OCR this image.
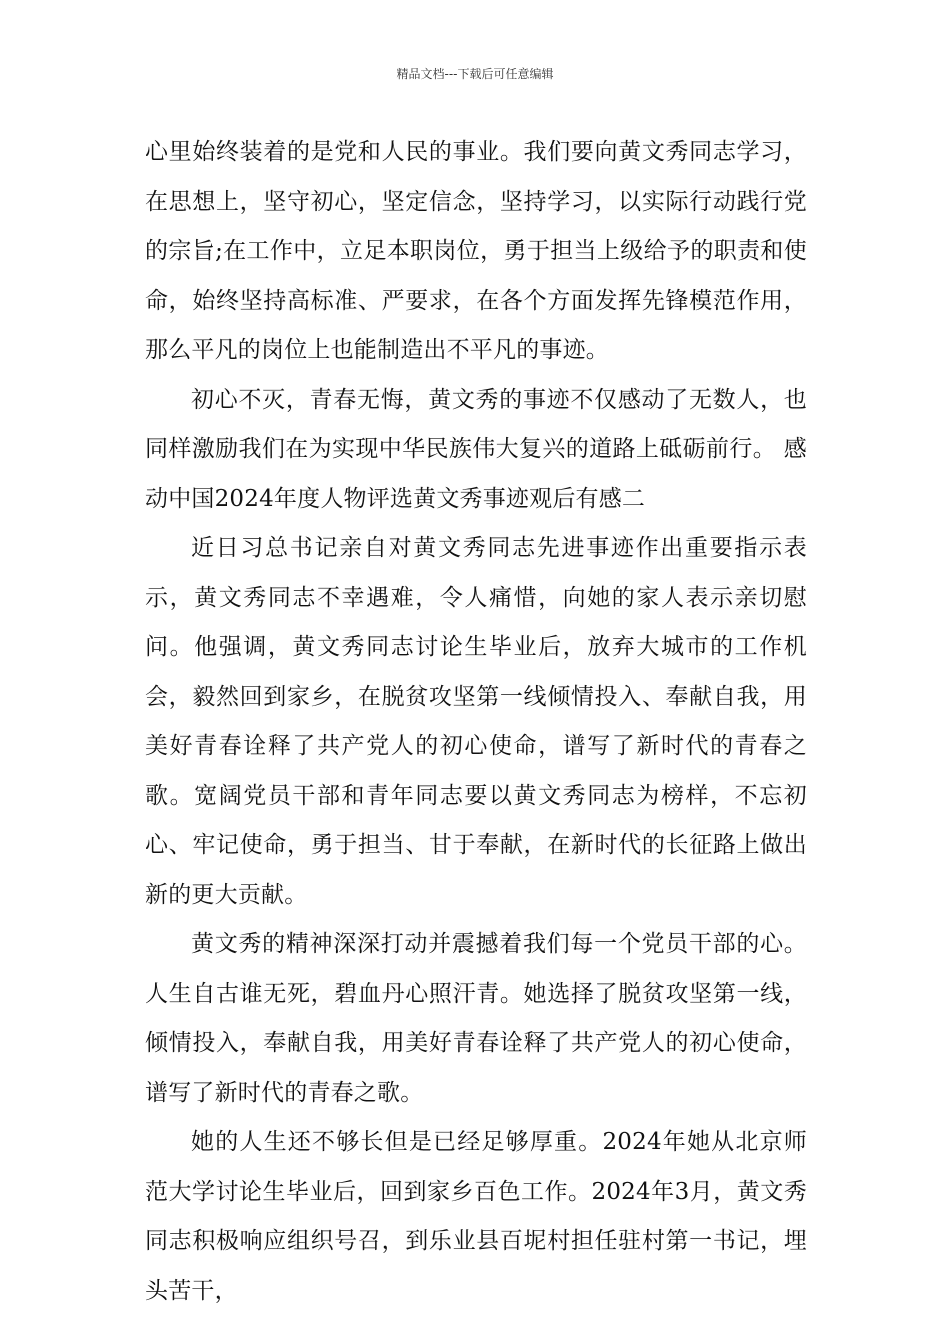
精品文档---下载后可任意编辑

心里始终装着的是党和人民的事业。我们要向黄文秀同志学习，在思想上，坚守初心，坚定信念，坚持学习，以实际行动践行党的宗旨;在工作中，立足本职岗位，勇于担当上级给予的职责和使命，始终坚持高标准、严要求，在各个方面发挥先锋模范作用，那么平凡的岗位上也能制造出不平凡的事迹。

初心不灭，青春无悔，黄文秀的事迹不仅感动了无数人，也同样激励我们在为实现中华民族伟大复兴的道路上砥砺前行。 感动中国2024年度人物评选黄文秀事迹观后有感二

近日习总书记亲自对黄文秀同志先进事迹作出重要指示表示，黄文秀同志不幸遇难，令人痛惜，向她的家人表示亲切慰问。他强调，黄文秀同志讨论生毕业后，放弃大城市的工作机会，毅然回到家乡，在脱贫攻坚第一线倾情投入、奉献自我，用美好青春诠释了共产党人的初心使命，谱写了新时代的青春之歌。宽阔党员干部和青年同志要以黄文秀同志为榜样，不忘初心、牢记使命，勇于担当、甘于奉献，在新时代的长征路上做出新的更大贡献。

黄文秀的精神深深打动并震撼着我们每一个党员干部的心。人生自古谁无死，碧血丹心照汗青。她选择了脱贫攻坚第一线，倾情投入，奉献自我，用美好青春诠释了共产党人的初心使命，谱写了新时代的青春之歌。

她的人生还不够长但是已经足够厚重。2024年她从北京师范大学讨论生毕业后，回到家乡百色工作。2024年3月，黄文秀同志积极响应组织号召，到乐业县百坭村担任驻村第一书记，埋头苦干，
